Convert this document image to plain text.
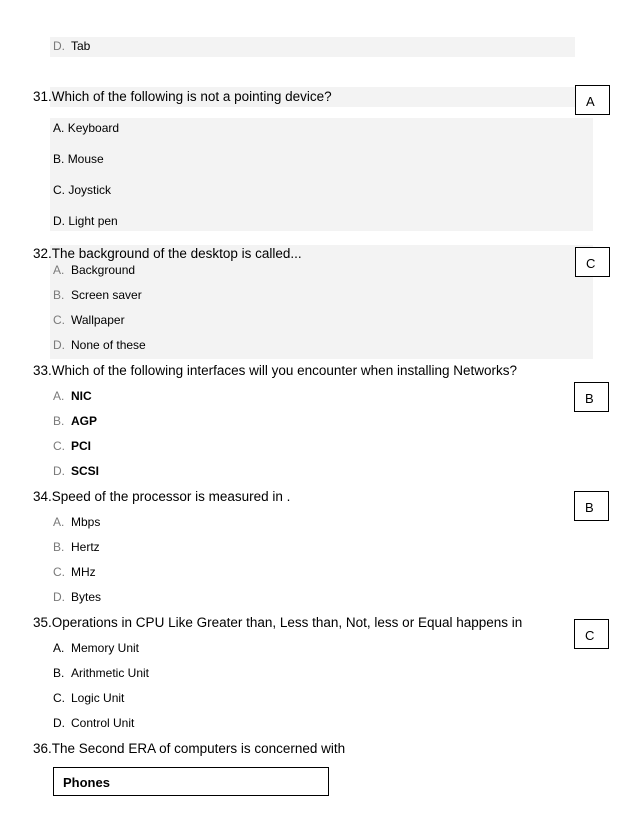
D. Tab
31.Which of the following is not a pointing device?	A
A. Keyboard
B. Mouse
C. Joystick
D. Light pen
32.The background of the desktop is called...
C
A. Background
B. Screen saver
C. Wallpaper
D. None of these
33.Which of the following interfaces will you encounter when installing Networks?
B
A. NIC
B. AGP
C. PCI
D. SCSI
34.Speed of the processor is measured in .
B
A. Mbps
B. Hertz
C. MHz
D. Bytes
35.Operations in CPU Like Greater than, Less than, Not, less or Equal happens in
C
A. Memory Unit
B. Arithmetic Unit
C. Logic Unit
D. Control Unit
36.The Second ERA of computers is concerned with
Phones
